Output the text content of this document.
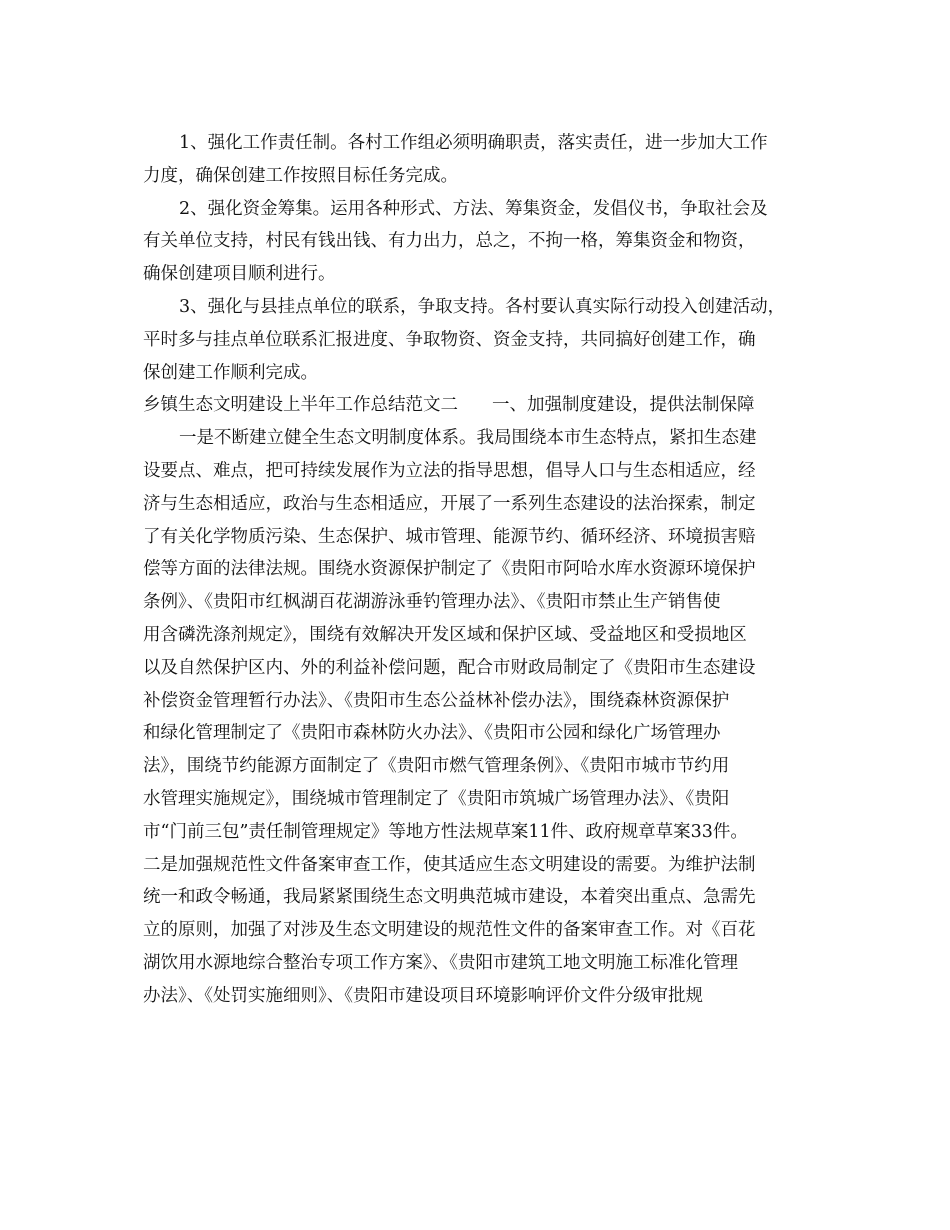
1、强化工作责任制。各村工作组必须明确职责，落实责任，进一步加大工作
力度，确保创建工作按照目标任务完成。
2、强化资金筹集。运用各种形式、方法、筹集资金，发倡仪书，争取社会及
有关单位支持，村民有钱出钱、有力出力，总之，不拘一格，筹集资金和物资，
确保创建项目顺利进行。
3、强化与县挂点单位的联系，争取支持。各村要认真实际行动投入创建活动，
平时多与挂点单位联系汇报进度、争取物资、资金支持，共同搞好创建工作，确
保创建工作顺利完成。
乡镇生态文明建设上半年工作总结范文二 一、加强制度建设，提供法制保障
一是不断建立健全生态文明制度体系。我局围绕本市生态特点，紧扣生态建
设要点、难点，把可持续发展作为立法的指导思想，倡导人口与生态相适应，经
济与生态相适应，政治与生态相适应，开展了一系列生态建设的法治探索，制定
了有关化学物质污染、生态保护、城市管理、能源节约、循环经济、环境损害赔
偿等方面的法律法规。围绕水资源保护制定了《贵阳市阿哈水库水资源环境保护
条例》、《贵阳市红枫湖百花湖游泳垂钓管理办法》、《贵阳市禁止生产销售使
用含磷洗涤剂规定》，围绕有效解决开发区域和保护区域、受益地区和受损地区
以及自然保护区内、外的利益补偿问题，配合市财政局制定了《贵阳市生态建设
补偿资金管理暂行办法》、《贵阳市生态公益林补偿办法》，围绕森林资源保护
和绿化管理制定了《贵阳市森林防火办法》、《贵阳市公园和绿化广场管理办
法》，围绕节约能源方面制定了《贵阳市燃气管理条例》、《贵阳市城市节约用
水管理实施规定》，围绕城市管理制定了《贵阳市筑城广场管理办法》、《贵阳
市“门前三包”责任制管理规定》等地方性法规草案11件、政府规章草案33件。
二是加强规范性文件备案审查工作，使其适应生态文明建设的需要。为维护法制
统一和政令畅通，我局紧紧围绕生态文明典范城市建设，本着突出重点、急需先
立的原则，加强了对涉及生态文明建设的规范性文件的备案审查工作。对《百花
湖饮用水源地综合整治专项工作方案》、《贵阳市建筑工地文明施工标准化管理
办法》、《处罚实施细则》、《贵阳市建设项目环境影响评价文件分级审批规
